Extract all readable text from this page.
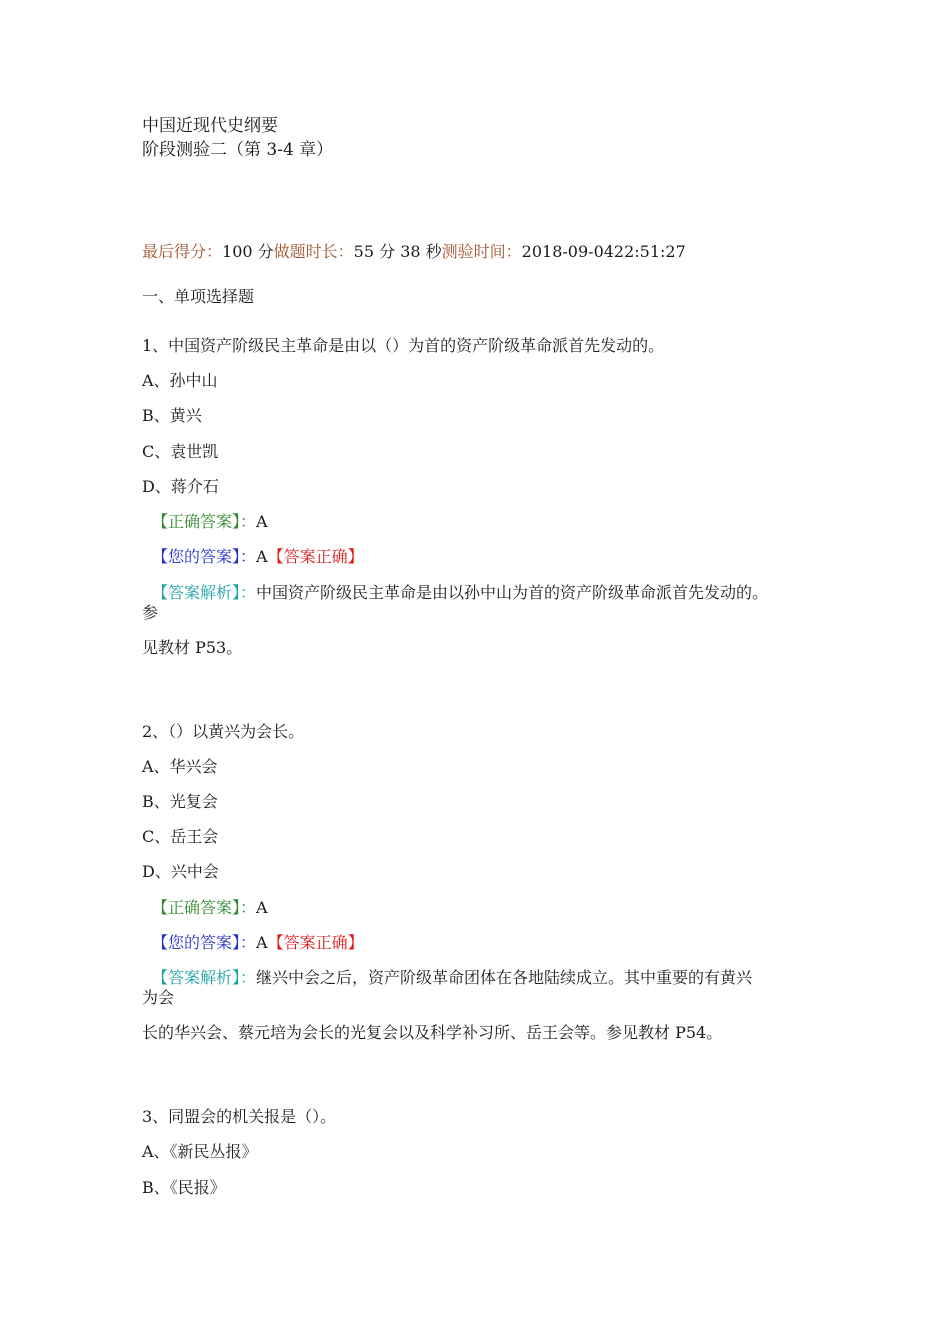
中国近现代史纲要
阶段测验二（第 3-4 章）
最后得分：100 分做题时长：55 分 38 秒测验时间：2018-09-0422:51:27
一、单项选择题
1、中国资产阶级民主革命是由以（）为首的资产阶级革命派首先发动的。
A、孙中山
B、黄兴
C、袁世凯
D、蒋介石
【正确答案】：A
【您的答案】：A【答案正确】
【答案解析】：中国资产阶级民主革命是由以孙中山为首的资产阶级革命派首先发动的。
参
见教材 P53。
2、（）以黄兴为会长。
A、华兴会
B、光复会
C、岳王会
D、兴中会
【正确答案】：A
【您的答案】：A【答案正确】
【答案解析】：继兴中会之后，资产阶级革命团体在各地陆续成立。其中重要的有黄兴
为会
长的华兴会、蔡元培为会长的光复会以及科学补习所、岳王会等。参见教材 P54。
3、同盟会的机关报是（）。
A、《新民丛报》
B、《民报》
